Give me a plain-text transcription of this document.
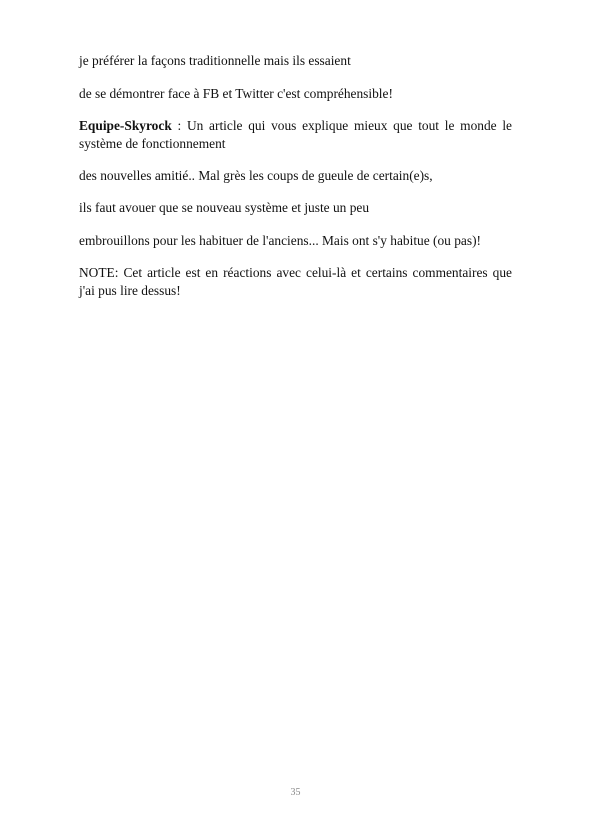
je préférer la façons traditionnelle mais ils essaient
de se démontrer face à FB et Twitter c'est compréhensible!
Equipe-Skyrock : Un article qui vous explique mieux que tout le monde le système de fonctionnement
des nouvelles amitié.. Mal grès les coups de gueule de certain(e)s,
ils faut avouer que se nouveau système et juste un peu
embrouillons pour les habituer de l'anciens... Mais ont s'y habitue (ou pas)!
NOTE: Cet article est en réactions avec celui-là et certains commentaires que j'ai pus lire dessus!
35
